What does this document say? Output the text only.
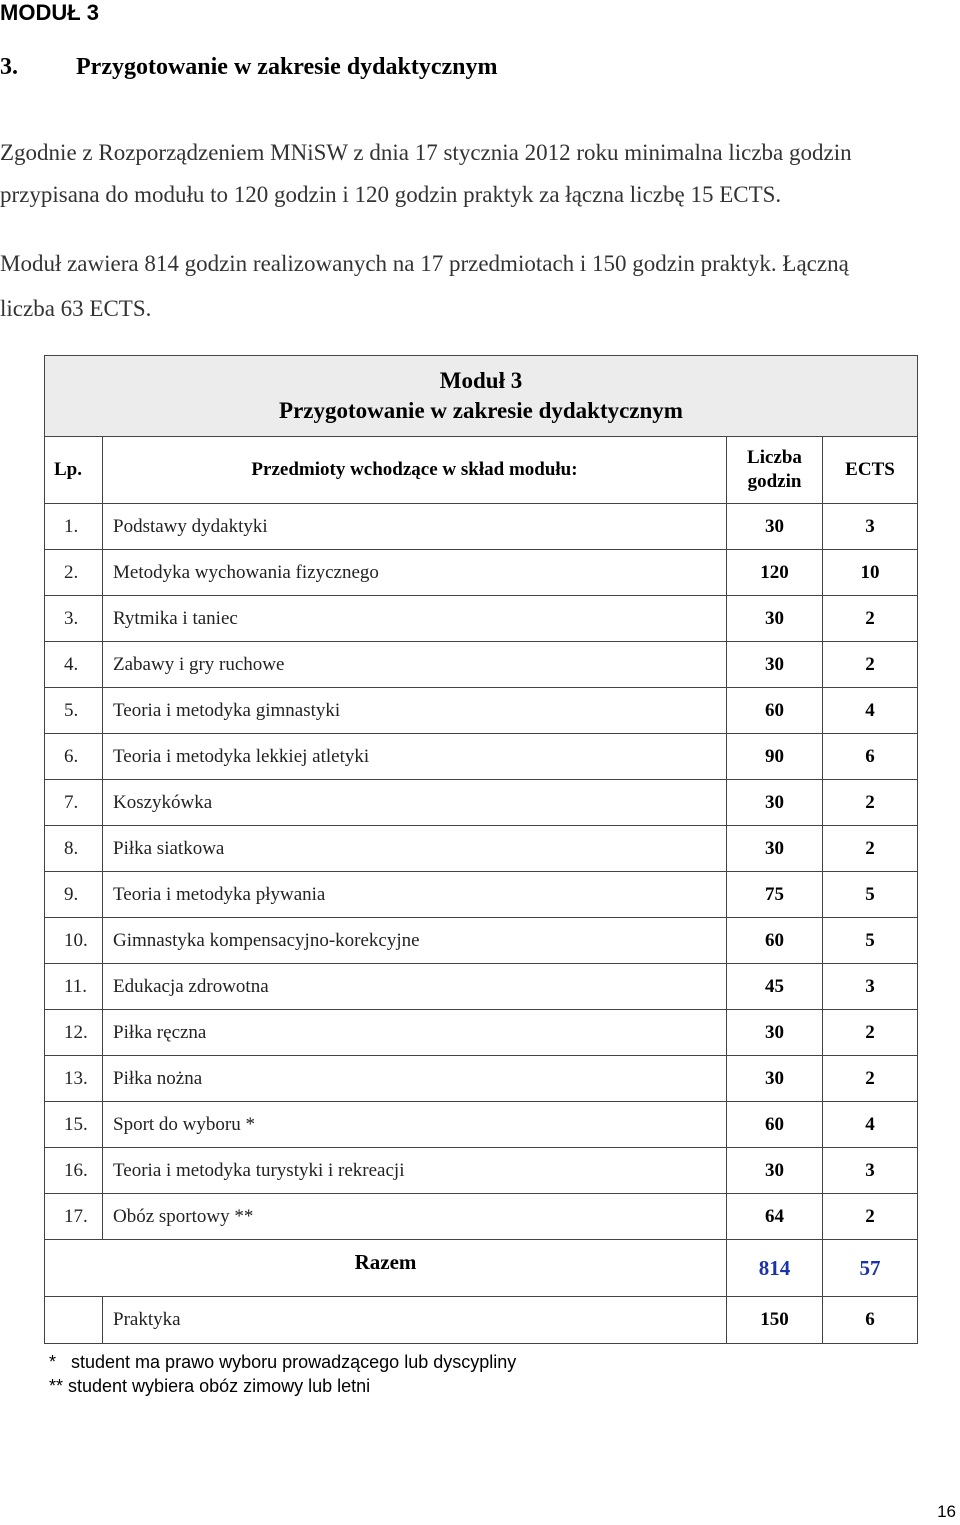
MODUŁ 3
3.	Przygotowanie w zakresie dydaktycznym
Zgodnie z Rozporządzeniem MNiSW z dnia 17 stycznia 2012 roku minimalna liczba godzin
przypisana do modułu to 120 godzin i 120 godzin praktyk za łączna liczbę 15 ECTS.
Moduł zawiera 814 godzin realizowanych na 17 przedmiotach i 150 godzin praktyk. Łączną
liczba 63 ECTS.
Moduł 3
Przygotowanie w zakresie dydaktycznym			

Lp.	Przedmioty wchodzące w skład modułu:	Liczba
godzin	ECTS
1.	Podstawy dydaktyki	30	3
2.	Metodyka wychowania fizycznego	120	10
3.	Rytmika i taniec	30	2
4.	Zabawy i gry ruchowe	30	2
5.	Teoria i metodyka gimnastyki	60	4
6.	Teoria i metodyka lekkiej atletyki	90	6
7.	Koszykówka	30	2
8.	Piłka siatkowa	30	2
9.	Teoria i metodyka pływania	75	5
10.	Gimnastyka kompensacyjno-korekcyjne	60	5
11.	Edukacja zdrowotna	45	3
12.	Piłka ręczna	30	2
13.	Piłka nożna	30	2
15.	Sport do wyboru *	60	4
16.	Teoria i metodyka turystyki i rekreacji	30	3
17.	Obóz sportowy **	64	2
Razem		814	57
	Praktyka	150	6
*   student ma prawo wyboru prowadzącego lub dyscypliny
** student wybiera obóz zimowy lub letni
16
